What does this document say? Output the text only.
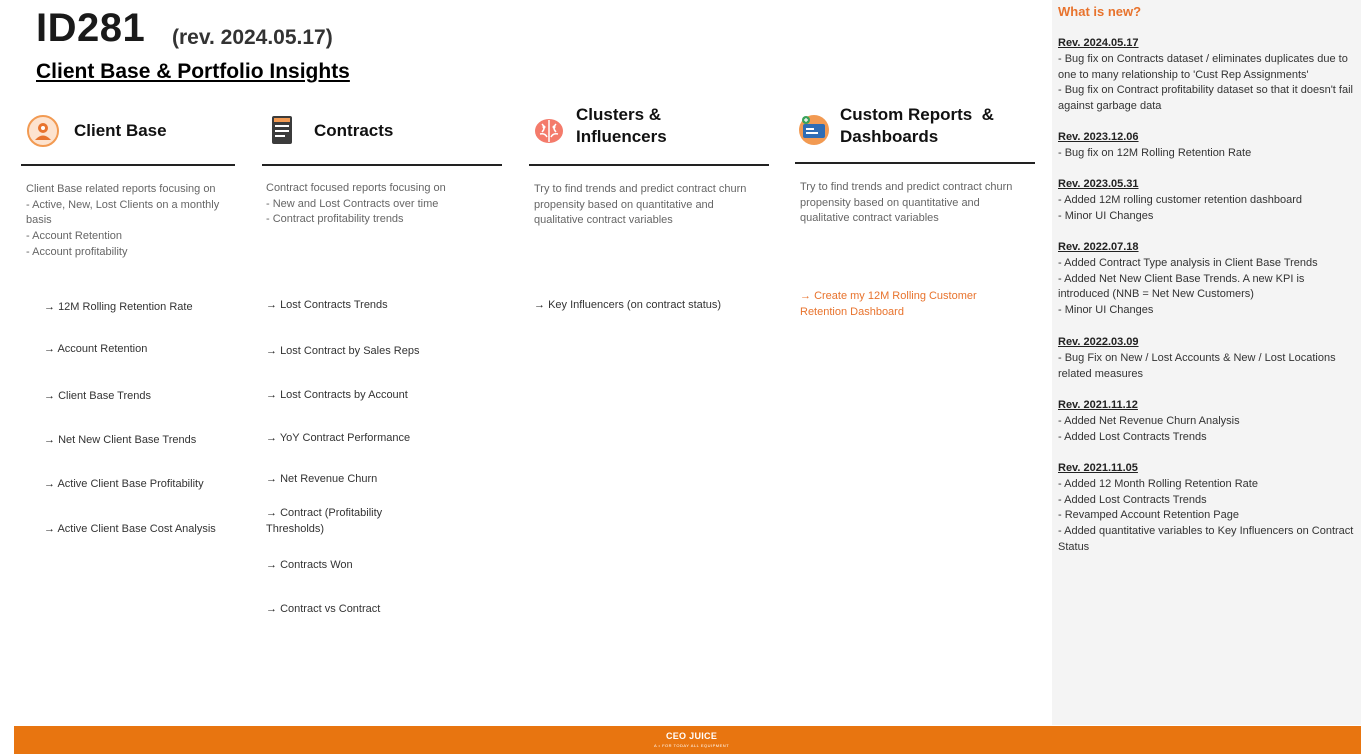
ID281 (rev. 2024.05.17)
Client Base & Portfolio Insights
Client Base
Client Base related reports focusing on
- Active, New, Lost Clients on a monthly basis
- Account Retention
- Account profitability
→ 12M Rolling Retention Rate
→ Account Retention
→ Client Base Trends
→ Net New Client Base Trends
→ Active Client Base Profitability
→ Active Client Base Cost Analysis
Contracts
Contract focused reports focusing on
- New and Lost Contracts over time
- Contract profitability trends
→ Lost Contracts Trends
→ Lost Contract by Sales Reps
→ Lost Contracts by Account
→ YoY Contract Performance
→ Net Revenue Churn
→ Contract (Profitability Thresholds)
→ Contracts Won
→ Contract vs Contract
Clusters &
Influencers
Try to find trends and predict contract churn propensity based on quantitative and qualitative contract variables
→ Key Influencers (on contract status)
Custom Reports  &
Dashboards
Try to find trends and predict contract churn propensity based on quantitative and qualitative contract variables
→ Create my 12M Rolling Customer Retention Dashboard
What is new?
Rev. 2024.05.17
- Bug fix on Contracts dataset / eliminates duplicates due to one to many relationship to 'Cust Rep Assignments'
- Bug fix on Contract profitability dataset so that it doesn't fail against garbage data
Rev. 2023.12.06
- Bug fix on 12M Rolling Retention Rate
Rev. 2023.05.31
- Added 12M rolling customer retention dashboard
- Minor UI Changes
Rev. 2022.07.18
- Added Contract Type analysis in Client Base Trends
- Added Net New Client Base Trends. A new KPI is introduced (NNB = Net New Customers)
- Minor UI Changes
Rev. 2022.03.09
- Bug Fix on New / Lost Accounts & New / Lost Locations related measures
Rev. 2021.11.12
- Added Net Revenue Churn Analysis
- Added Lost Contracts Trends
Rev. 2021.11.05
- Added 12 Month Rolling Retention Rate
- Added Lost Contracts Trends
- Revamped Account Retention Page
- Added quantitative variables to Key Influencers on Contract Status
CEO JUICE
A • FOR TODAY ALL EQUIPMENT
